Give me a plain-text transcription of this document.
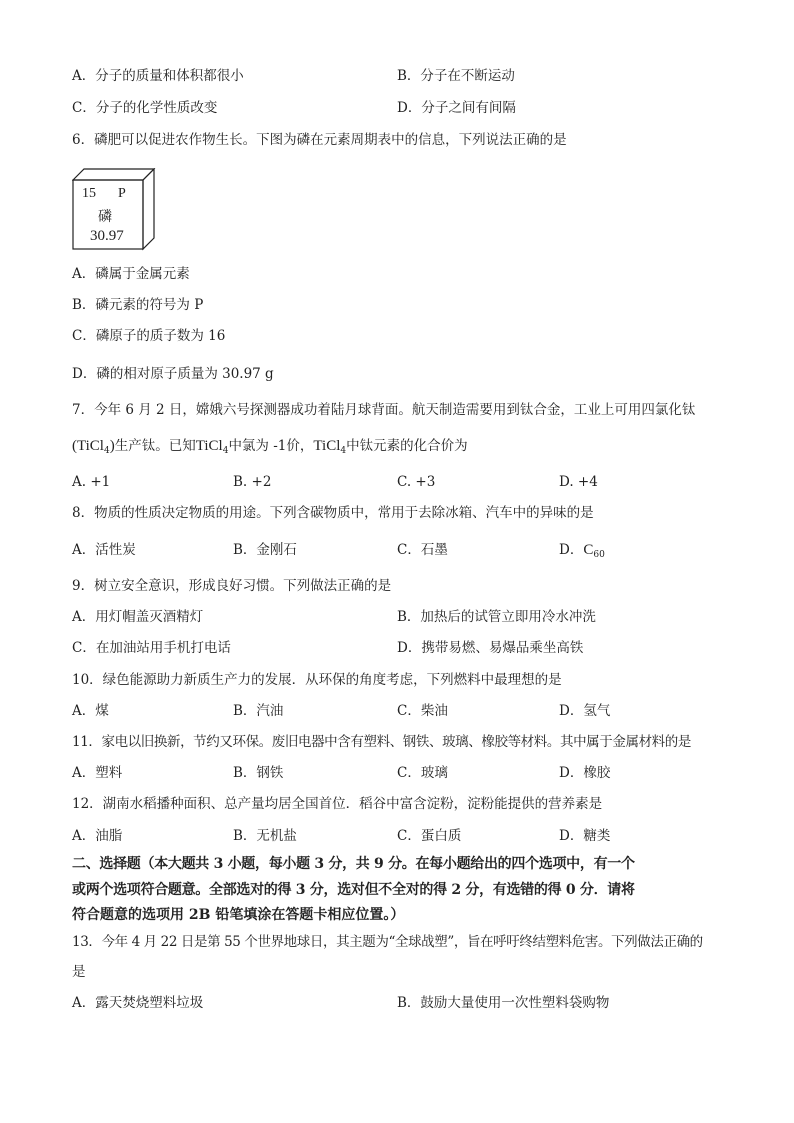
A．分子的质量和体积都很小	B．分子在不断运动
C．分子的化学性质改变	D．分子之间有间隔
6．磷肥可以促进农作物生长。下图为磷在元素周期表中的信息，下列说法正确的是
15 P
磷
30.97
A．磷属于金属元素
B．磷元素的符号为 P
C．磷原子的质子数为 16
D．磷的相对原子质量为 30.97 g
7．今年 6 月 2 日，嫦娥六号探测器成功着陆月球背面。航天制造需要用到钛合金，工业上可用四氯化钛
(TiCl$_4$)生产钛。已知TiCl$_4$中氯为 -1价，TiCl$_4$中钛元素的化合价为
A. +1	B. +2	C. +3	D. +4
8．物质的性质决定物质的用途。下列含碳物质中，常用于去除冰箱、汽车中的异味的是
A．活性炭	B．金刚石	C．石墨	D．$C_{60}$
9．树立安全意识，形成良好习惯。下列做法正确的是
A．用灯帽盖灭酒精灯	B．加热后的试管立即用冷水冲洗
C．在加油站用手机打电话	D．携带易燃、易爆品乘坐高铁
10．绿色能源助力新质生产力的发展．从环保的角度考虑，下列燃料中最理想的是
A．煤	B．汽油	C．柴油	D．氢气
11．家电以旧换新，节约又环保。废旧电器中含有塑料、钢铁、玻璃、橡胶等材料。其中属于金属材料的是
A．塑料	B．钢铁	C．玻璃	D．橡胶
12．湖南水稻播种面积、总产量均居全国首位．稻谷中富含淀粉，淀粉能提供的营养素是
A．油脂	B．无机盐	C．蛋白质	D．糖类
二、选择题（本大题共 3 小题，每小题 3 分，共 9 分。在每小题给出的四个选项中，有一个
或两个选项符合题意。全部选对的得 3 分，选对但不全对的得 2 分，有选错的得 0 分．请将
符合题意的选项用 2B 铅笔填涂在答题卡相应位置。）
13．今年 4 月 22 日是第 55 个世界地球日，其主题为“全球战塑”，旨在呼吁终结塑料危害。下列做法正确的
是
A．露天焚烧塑料垃圾	B．鼓励大量使用一次性塑料袋购物
